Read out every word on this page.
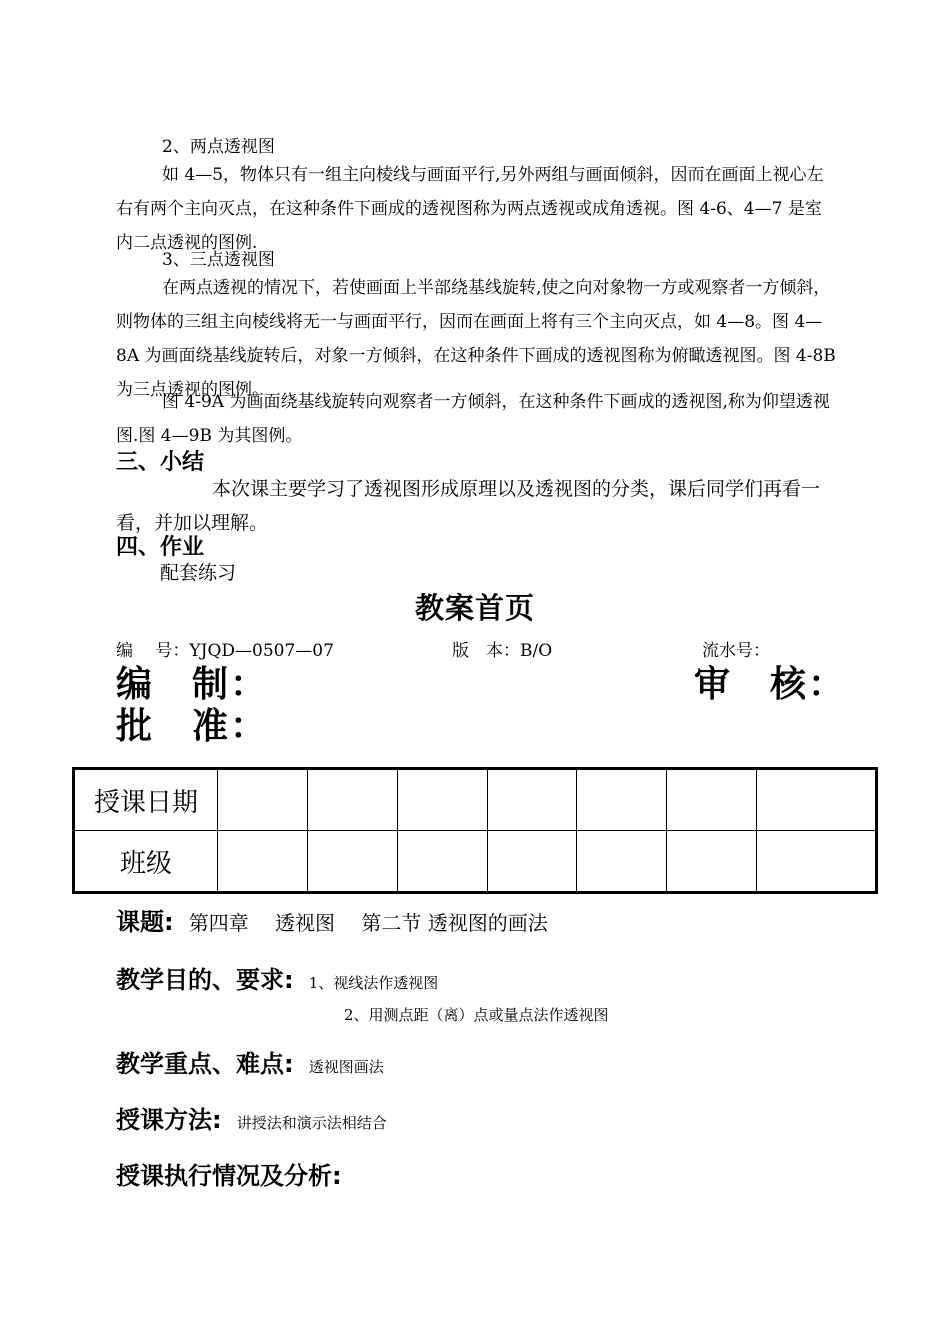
2、两点透视图
如 4—5，物体只有一组主向棱线与画面平行,另外两组与画面倾斜，因而在画面上视心左右有两个主向灭点，在这种条件下画成的透视图称为两点透视或成角透视。图 4-6、4—7 是室内二点透视的图例.
3、三点透视图
在两点透视的情况下，若使画面上半部绕基线旋转,使之向对象物一方或观察者一方倾斜，则物体的三组主向棱线将无一与画面平行，因而在画面上将有三个主向灭点，如 4—8。图 4—8A 为画面绕基线旋转后，对象一方倾斜，在这种条件下画成的透视图称为俯瞰透视图。图 4-8B 为三点透视的图例。
图 4-9A 为画面绕基线旋转向观察者一方倾斜，在这种条件下画成的透视图,称为仰望透视图.图 4—9B 为其图例。
三、小结
本次课主要学习了透视图形成原理以及透视图的分类，课后同学们再看一看，并加以理解。
四、作业
配套练习
教案首页
编　 号：YJQD—0507—07	版　本：B/O	流水号：
编　制：	审　核：
批　准：
授课日期							
班级							
课题: 第四章　 透视图　 第二节 透视图的画法
教学目的、要求: 1、视线法作透视图
2、用测点距（离）点或量点法作透视图
教学重点、难点: 透视图画法
授课方法: 讲授法和演示法相结合
授课执行情况及分析:
